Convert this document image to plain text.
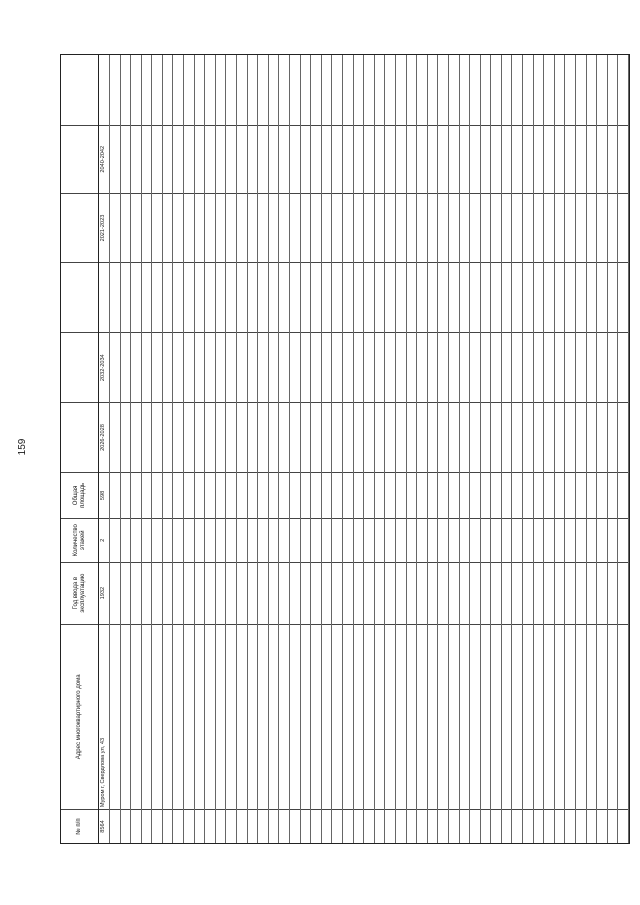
159
№ п/п
Адрес многоквартирного дома
Год ввода в эксплуатацию
Количество этажей
Общая площадь
8564
Муром г, Свердлова ул, 43
1932
2
598
2026-2028
2032-2034
2021-2023
2040-2042
